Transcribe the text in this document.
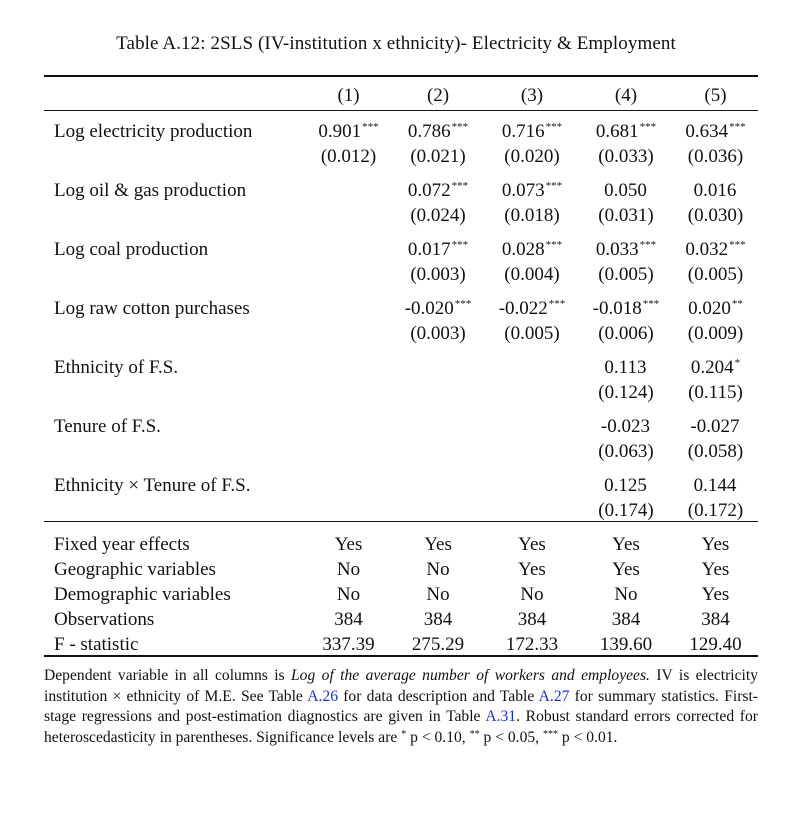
Table A.12: 2SLS (IV-institution x ethnicity)- Electricity & Employment
	(1)	(2)	(3)	(4)	(5)

Log electricity production	0.901***	0.786***	0.716***	0.681***	0.634***
	(0.012)	(0.021)	(0.020)	(0.033)	(0.036)

Log oil & gas production		0.072***	0.073***	0.050	0.016
		(0.024)	(0.018)	(0.031)	(0.030)

Log coal production		0.017***	0.028***	0.033***	0.032***
		(0.003)	(0.004)	(0.005)	(0.005)

Log raw cotton purchases		-0.020***	-0.022***	-0.018***	0.020**
		(0.003)	(0.005)	(0.006)	(0.009)

Ethnicity of F.S.				0.113	0.204*
				(0.124)	(0.115)

Tenure of F.S.				-0.023	-0.027
				(0.063)	(0.058)

Ethnicity × Tenure of F.S.				0.125	0.144
				(0.174)	(0.172)

Fixed year effects	Yes	Yes	Yes	Yes	Yes
Geographic variables	No	No	Yes	Yes	Yes
Demographic variables	No	No	No	No	Yes
Observations	384	384	384	384	384
F - statistic	337.39	275.29	172.33	139.60	129.40
Dependent variable in all columns is Log of the average number of workers and employees. IV is electricity institution × ethnicity of M.E. See Table A.26 for data description and Table A.27 for summary statistics. First-stage regressions and post-estimation diagnostics are given in Table A.31. Robust standard errors corrected for heteroscedasticity in parentheses. Significance levels are * p < 0.10, ** p < 0.05, *** p < 0.01.
